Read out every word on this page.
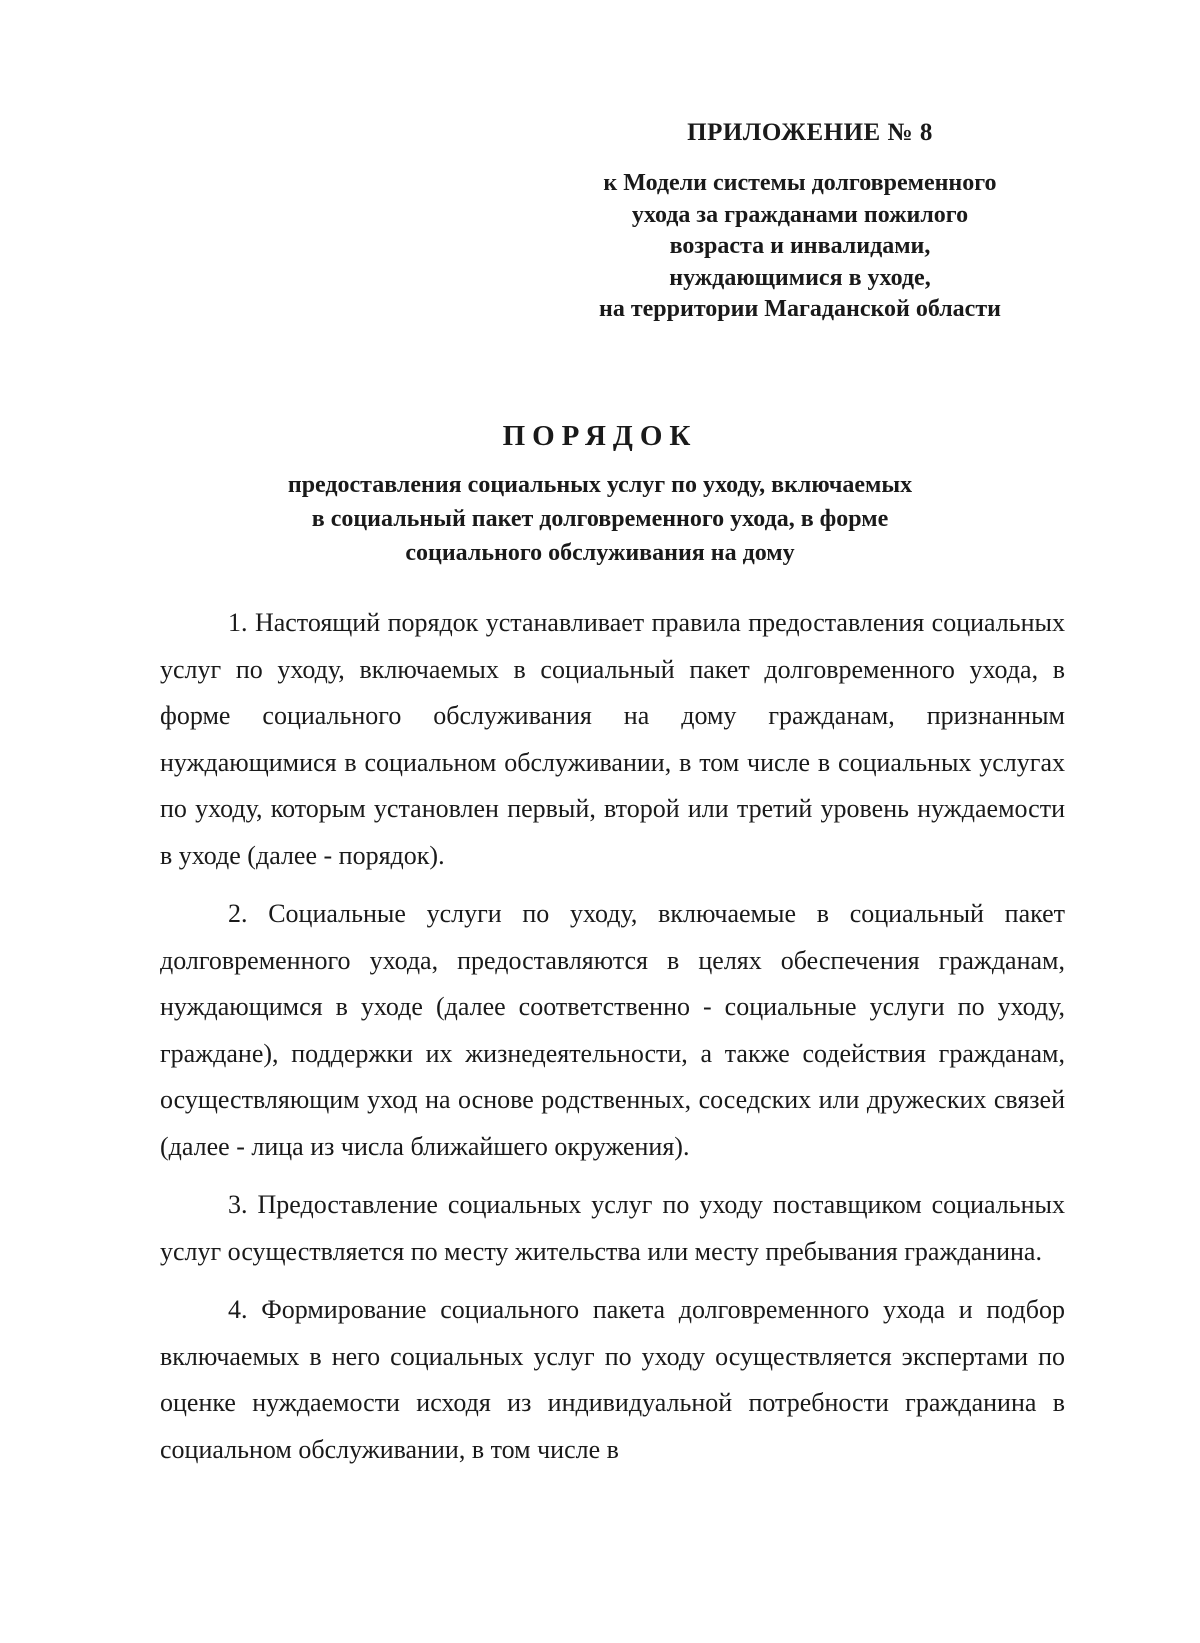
ПРИЛОЖЕНИЕ № 8

к Модели системы долговременного

ухода за гражданами пожилого

возраста и инвалидами,

нуждающимися в уходе,

на территории Магаданской области

ПОРЯДОК

предоставления социальных услуг по уходу, включаемых

в социальный пакет долговременного ухода, в форме

социального обслуживания на дому

1. Настоящий порядок устанавливает правила предоставления социальных услуг по уходу, включаемых в социальный пакет долговременного ухода, в форме социального обслуживания на дому гражданам, признанным нуждающимися в социальном обслуживании, в том числе в социальных услугах по уходу, которым установлен первый, второй или третий уровень нуждаемости в уходе (далее - порядок).

2. Социальные услуги по уходу, включаемые в социальный пакет долговременного ухода, предоставляются в целях обеспечения гражданам, нуждающимся в уходе (далее соответственно - социальные услуги по уходу, граждане), поддержки их жизнедеятельности, а также содействия гражданам, осуществляющим уход на основе родственных, соседских или дружеских связей (далее - лица из числа ближайшего окружения).

3. Предоставление социальных услуг по уходу поставщиком социальных услуг осуществляется по месту жительства или месту пребывания гражданина.

4. Формирование социального пакета долговременного ухода и подбор включаемых в него социальных услуг по уходу осуществляется экспертами по оценке нуждаемости исходя из индивидуальной потребности гражданина в социальном обслуживании, в том числе в
